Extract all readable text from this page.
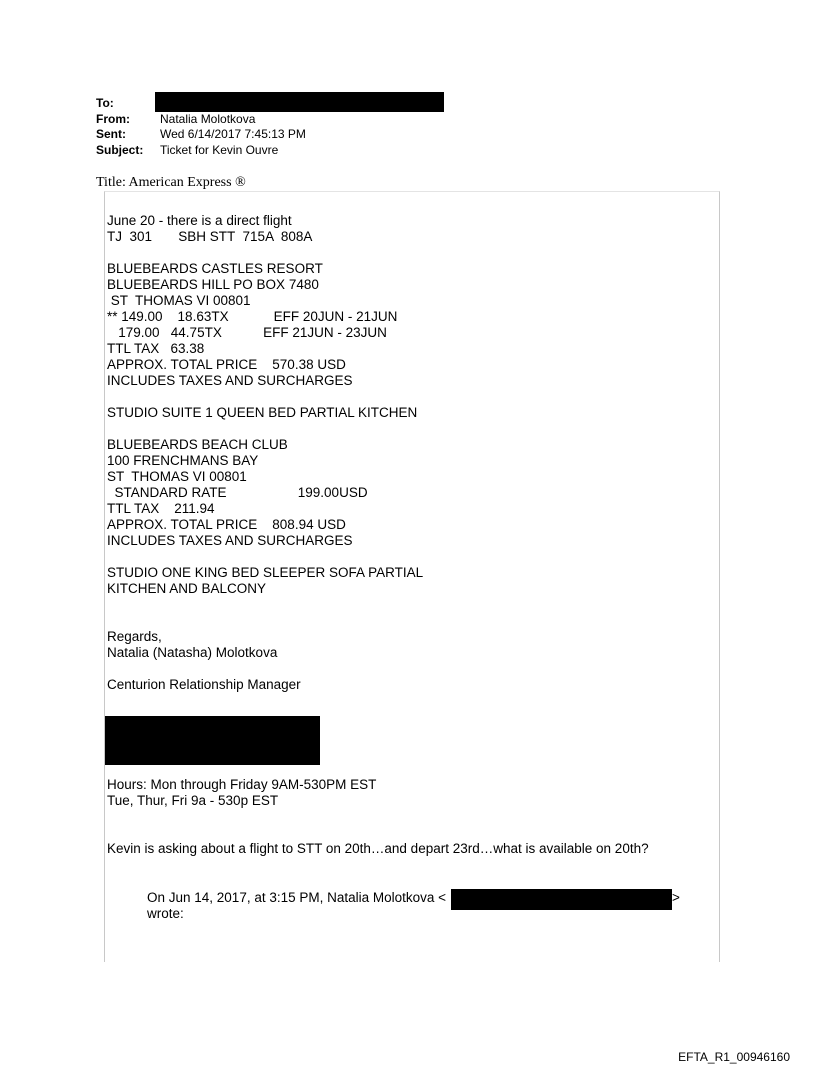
To:
From:	Natalia Molotkova
Sent:	Wed 6/14/2017 7:45:13 PM
Subject: Ticket for Kevin Ouvre
Title: American Express ®
June 20 - there is a direct flight
TJ  301       SBH STT  715A  808A
BLUEBEARDS CASTLES RESORT
BLUEBEARDS HILL PO BOX 7480
ST  THOMAS VI 00801
** 149.00    18.63TX            EFF 20JUN - 21JUN
179.00   44.75TX           EFF 21JUN - 23JUN
TTL TAX   63.38
APPROX. TOTAL PRICE    570.38 USD
INCLUDES TAXES AND SURCHARGES
STUDIO SUITE 1 QUEEN BED PARTIAL KITCHEN
BLUEBEARDS BEACH CLUB
100 FRENCHMANS BAY
ST  THOMAS VI 00801
STANDARD RATE                   199.00USD
TTL TAX    211.94
APPROX. TOTAL PRICE    808.94 USD
INCLUDES TAXES AND SURCHARGES
STUDIO ONE KING BED SLEEPER SOFA PARTIAL
KITCHEN AND BALCONY
Regards,
Natalia (Natasha) Molotkova
Centurion Relationship Manager
Hours: Mon through Friday 9AM-530PM EST
Tue, Thur, Fri 9a - 530p EST
Kevin is asking about a flight to STT on 20th…and depart 23rd…what is available on 20th?
On Jun 14, 2017, at 3:15 PM, Natalia Molotkova <	>
wrote:
EFTA_R1_00946160
